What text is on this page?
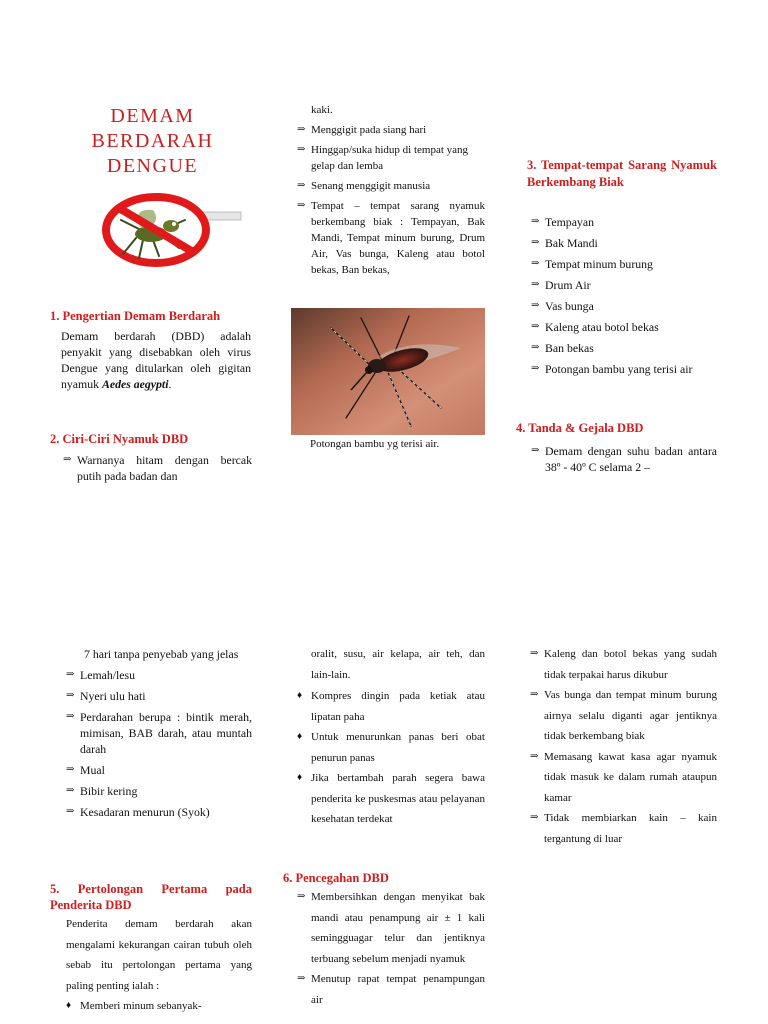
DEMAM
BERDARAH
DENGUE
1. Pengertian Demam Berdarah
Demam berdarah (DBD) adalah penyakit yang disebabkan oleh virus Dengue yang ditularkan oleh gigitan nyamuk Aedes aegypti.
2. Ciri-Ciri Nyamuk DBD
⇒ Warnanya hitam dengan bercak putih pada badan dan
kaki.
⇒ Menggigit pada siang hari
⇒ Hinggap/suka hidup di tempat yang gelap dan lemba
⇒ Senang menggigit manusia
⇒ Tempat – tempat sarang nyamuk berkembang biak : Tempayan, Bak Mandi, Tempat minum burung, Drum Air, Vas bunga, Kaleng atau botol bekas, Ban bekas,
Potongan bambu yg terisi air.
3. Tempat-tempat Sarang Nyamuk Berkembang Biak
⇒ Tempayan
⇒ Bak Mandi
⇒ Tempat minum burung
⇒ Drum Air
⇒ Vas bunga
⇒ Kaleng atau botol bekas
⇒ Ban bekas
⇒ Potongan bambu yang terisi air
4. Tanda & Gejala DBD
⇒ Demam dengan suhu badan antara 38º - 40º C selama 2 –
7 hari tanpa penyebab yang jelas
⇒ Lemah/lesu
⇒ Nyeri ulu hati
⇒ Perdarahan berupa : bintik merah, mimisan, BAB darah, atau muntah darah
⇒ Mual
⇒ Bibir kering
⇒ Kesadaran menurun (Syok)
5. Pertolongan Pertama pada Penderita DBD
Penderita demam berdarah akan mengalami kekurangan cairan tubuh oleh sebab itu pertolongan pertama yang paling penting ialah :
♦ Memberi minum sebanyak-
oralit, susu, air kelapa, air teh, dan lain-lain.
♦ Kompres dingin pada ketiak atau lipatan paha
♦ Untuk menurunkan panas beri obat penurun panas
♦ Jika bertambah parah segera bawa penderita ke puskesmas atau pelayanan kesehatan terdekat
6. Pencegahan DBD
⇒ Membersihkan dengan menyikat bak mandi atau penampung air ± 1 kali semingguagar telur dan jentiknya terbuang sebelum menjadi nyamuk
⇒ Menutup rapat tempat penampungan air
⇒ Kaleng dan botol bekas yang sudah tidak terpakai harus dikubur
⇒ Vas bunga dan tempat minum burung airnya selalu diganti agar jentiknya tidak berkembang biak
⇒ Memasang kawat kasa agar nyamuk tidak masuk ke dalam rumah ataupun kamar
⇒ Tidak membiarkan kain – kain tergantung di luar
